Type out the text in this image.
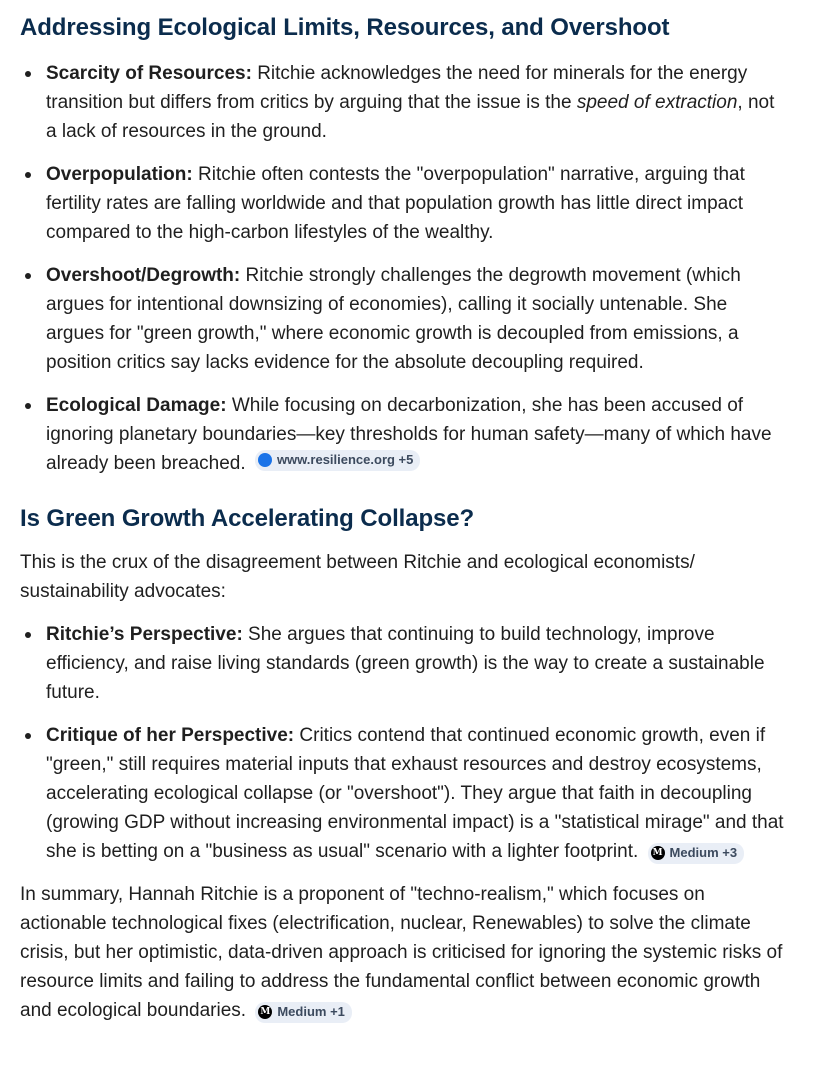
Addressing Ecological Limits, Resources, and Overshoot
Scarcity of Resources: Ritchie acknowledges the need for minerals for the energy transition but differs from critics by arguing that the issue is the speed of extraction, not a lack of resources in the ground.
Overpopulation: Ritchie often contests the "overpopulation" narrative, arguing that fertility rates are falling worldwide and that population growth has little direct impact compared to the high-carbon lifestyles of the wealthy.
Overshoot/Degrowth: Ritchie strongly challenges the degrowth movement (which argues for intentional downsizing of economies), calling it socially untenable. She argues for "green growth," where economic growth is decoupled from emissions, a position critics say lacks evidence for the absolute decoupling required.
Ecological Damage: While focusing on decarbonization, she has been accused of ignoring planetary boundaries—key thresholds for human safety—many of which have already been breached. www.resilience.org +5
Is Green Growth Accelerating Collapse?

This is the crux of the disagreement between Ritchie and ecological economists/ sustainability advocates:

Ritchie’s Perspective: She argues that continuing to build technology, improve efficiency, and raise living standards (green growth) is the way to create a sustainable future.
Critique of her Perspective: Critics contend that continued economic growth, even if "green," still requires material inputs that exhaust resources and destroy ecosystems, accelerating ecological collapse (or "overshoot"). They argue that faith in decoupling (growing GDP without increasing environmental impact) is a "statistical mirage" and that she is betting on a "business as usual" scenario with a lighter footprint. M Medium +3

In summary, Hannah Ritchie is a proponent of "techno-realism," which focuses on actionable technological fixes (electrification, nuclear, Renewables) to solve the climate crisis, but her optimistic, data-driven approach is criticised for ignoring the systemic risks of resource limits and failing to address the fundamental conflict between economic growth and ecological boundaries. M Medium +1
